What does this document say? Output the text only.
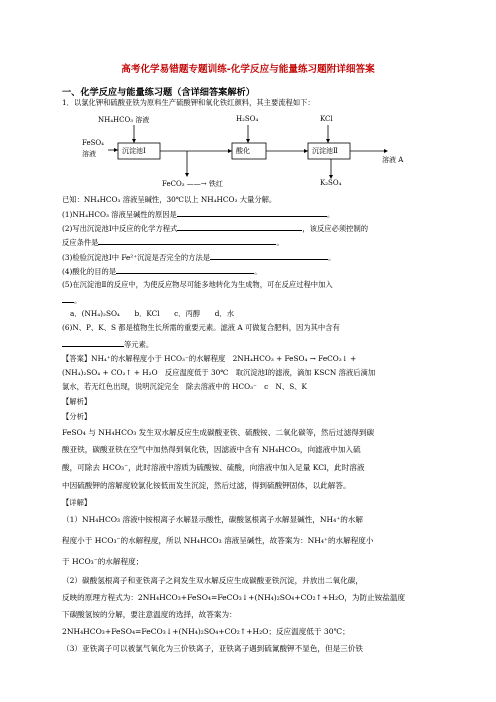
高考化学易错题专题训练-化学反应与能量练习题附详细答案
一、化学反应与能量练习题（含详细答案解析）
1．以氯化钾和硫酸亚铁为原料生产硫酸钾和氧化铁红颜料，其主要流程如下：
NH₄HCO₃ 溶液	H₂SO₄	KCl
FeSO₄
溶液	沉淀池Ⅰ	酸化	沉淀池Ⅱ
溶液 A
FeCO₃ ——→ 铁红	K₂SO₄
已知：NH₄HCO₃ 溶液呈碱性，30℃以上 NH₄HCO₃ 大量分解。
(1)NH₄HCO₃ 溶液呈碱性的原因是	。
(2)写出沉淀池Ⅰ中反应的化学方程式	，该反应必须控制的
反应条件是	。
(3)检验沉淀池Ⅰ中 Fe²⁺沉淀是否完全的方法是	。
(4)酸化的目的是	。
(5)在沉淀池Ⅱ的反应中，为使反应物尽可能多地转化为生成物，可在反应过程中加入
。
a．(NH₄)₂SO₄　　b．KCl　　c．丙醇　　d．水
(6)N、P、K、S 都是植物生长所需的重要元素。滤液 A 可做复合肥料，因为其中含有
等元素。
【答案】NH₄⁺的水解程度小于 HCO₃⁻的水解程度　2NH₄HCO₃ + FeSO₄ → FeCO₃↓ +
(NH₄)₂SO₄ + CO₂↑ + H₂O　反应温度低于 30℃　取沉淀池Ⅰ的滤液，滴加 KSCN 溶液后滴加
氯水，若无红色出现，说明沉淀完全　除去溶液中的 HCO₃⁻　c　N、S、K
【解析】
【分析】
FeSO₄ 与 NH₄HCO₃ 发生双水解反应生成碳酸亚铁、硫酸铵、二氧化碳等，然后过滤得到碳
酸亚铁，碳酸亚铁在空气中加热得到氧化铁，因滤液中含有 NH₄HCO₃，向滤液中加入硫
酸，可除去 HCO₃⁻，此时溶液中溶质为硫酸铵、硫酸，向溶液中加入足量 KCl，此时溶液
中因硫酸钾的溶解度较氯化铵低而发生沉淀，然后过滤，得到硫酸钾固体，以此解答。
【详解】
（1）NH₄HCO₃ 溶液中铵根离子水解显示酸性，碳酸氢根离子水解显碱性，NH₄⁺的水解
程度小于 HCO₃⁻的水解程度，所以 NH₄HCO₃ 溶液呈碱性，故答案为：NH₄⁺的水解程度小
于 HCO₃⁻的水解程度；
（2）碳酸氢根离子和亚铁离子之间发生双水解反应生成碳酸亚铁沉淀，并放出二氧化碳，
反映的原理方程式为：2NH₄HCO₃+FeSO₄=FeCO₃↓+(NH₄)₂SO₄+CO₂↑+H₂O，为防止铵盐温度
下碳酸氢铵的分解，要注意温度的选择，故答案为：
2NH₄HCO₃+FeSO₄=FeCO₃↓+(NH₄)₂SO₄+CO₂↑+H₂O；反应温度低于 30℃；
（3）亚铁离子可以被氯气氧化为三价铁离子，亚铁离子遇到硫氰酸钾不显色，但是三价铁
